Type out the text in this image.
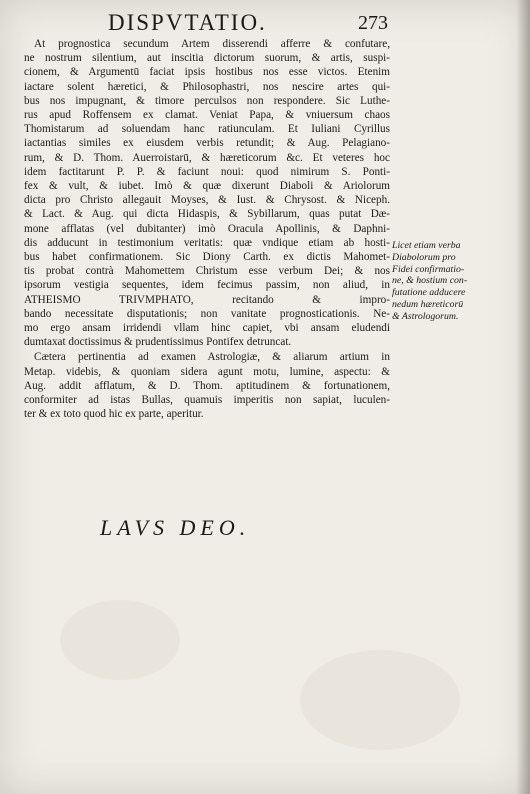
DISPVTATIO.	273
At prognostica secundum Artem disserendi afferre & confutare,
ne nostrum silentium, aut inscitia dictorum suorum, & artis, suspi-
cionem, & Argumentū faciat ipsis hostibus nos esse victos. Etenim
iactare solent hæretici, & Philosophastri, nos nescire artes qui-
bus nos impugnant, & timore perculsos non respondere. Sic Luthe-
rus apud Roffensem ex clamat. Veniat Papa, & vniuersum chaos
Thomistarum ad soluendam hanc ratiunculam. Et Iuliani Cyrillus
iactantias similes ex eiusdem verbis retundit; & Aug. Pelagiano-
rum, & D. Thom. Auerroistarū, & hæreticorum &c. Et veteres hoc
idem factitarunt P. P. & faciunt noui: quod nimirum S. Ponti-
fex & vult, & iubet. Imò & quæ dixerunt Diaboli & Ariolorum
dicta pro Christo allegauit Moyses, & Iust. & Chrysost. & Niceph.
& Lact. & Aug. qui dicta Hidaspis, & Sybillarum, quas putat Dæ-
mone afflatas (vel dubitanter) imò Oracula Apollinis, & Daphni-
dis adducunt in testimonium veritatis: quæ vndique etiam ab hosti-
bus habet confirmationem. Sic Diony Carth. ex dictis Mahomet-
tis probat contrà Mahomettem Christum esse verbum Dei; & nos
ipsorum vestigia sequentes, idem fecimus passim, non aliud, in
ATHEISMO TRIVMPHATO, recitando & impro-
bando necessitate disputationis; non vanitate prognosticationis. Ne-
mo ergo ansam irridendi vllam hinc capiet, vbi ansam eludendi
dumtaxat doctissimus & prudentissimus Pontifex detruncat.
Cætera pertinentia ad examen Astrologiæ, & aliarum artium in
Metap. videbis, & quoniam sidera agunt motu, lumine, aspectu: &
Aug. addit afflatum, & D. Thom. aptitudinem & fortunationem,
conformiter ad istas Bullas, quamuis imperitis non sapiat, luculen-
ter & ex toto quod hic ex parte, aperitur.
Licet etiam verba
Diabolorum pro
Fidei confirmatio-
ne, & hostium con-
futatione adducere
nedum hæreticorū
& Astrologorum.
LAVS DEO.
